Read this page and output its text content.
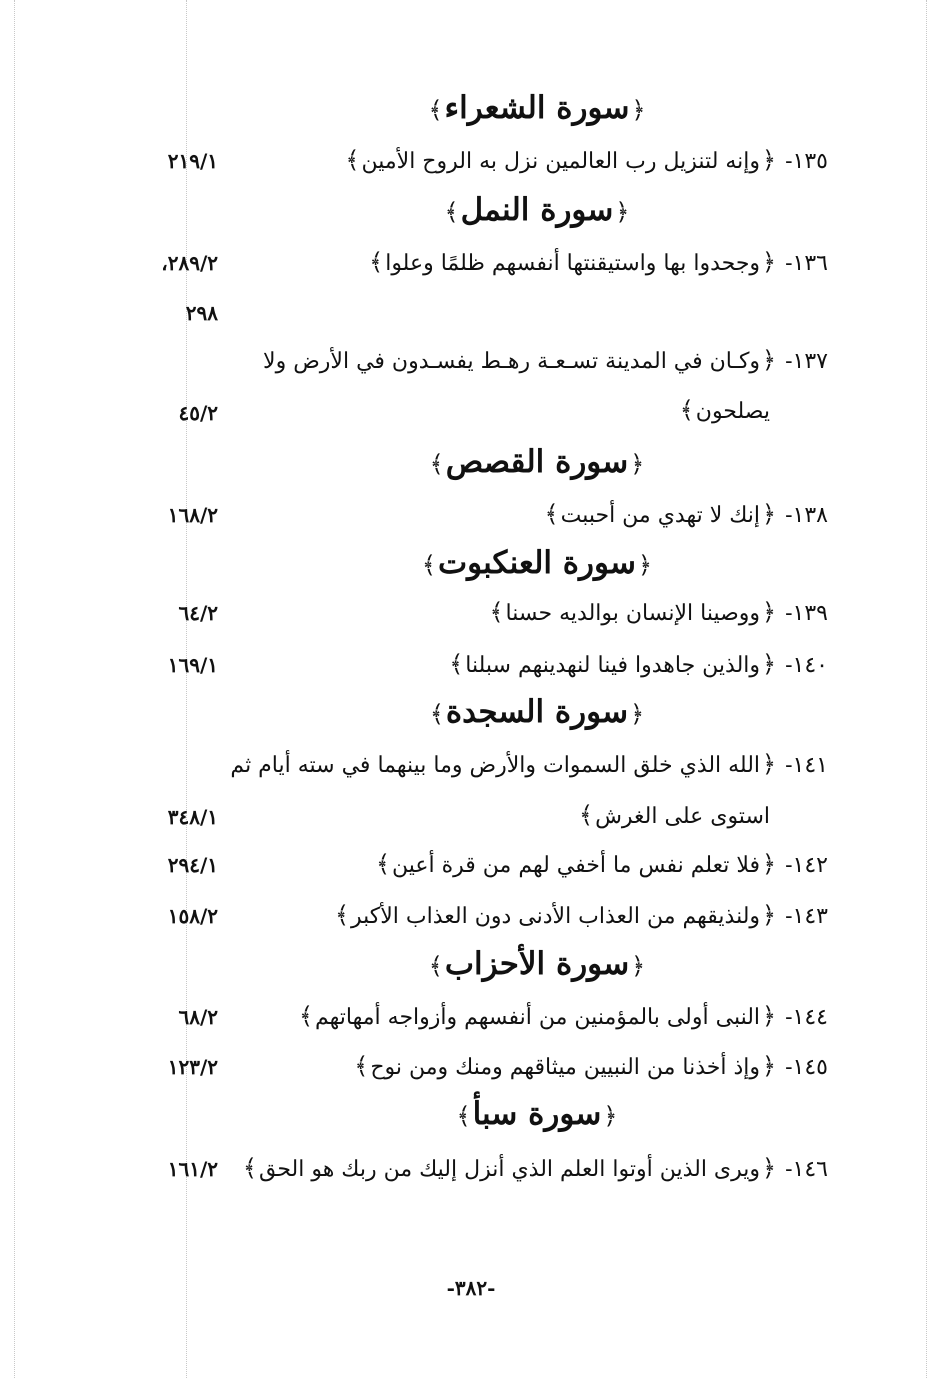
﴿سورة الشعراء﴾
١٣٥- ﴿وإنه لتنزيل رب العالمين نزل به الروح الأمين﴾
٢١٩/١
﴿سورة النمل﴾
١٣٦- ﴿وجحدوا بها واستيقنتها أنفسهم ظلمًا وعلوا﴾
٢٨٩/٢،
٢٩٨
١٣٧- ﴿وكـان في المدينة تسـعـة رهـط يفسـدون في الأرض ولا
يصلحون﴾
٤٥/٢
﴿سورة القصص﴾
١٣٨- ﴿إنك لا تهدي من أحببت﴾
١٦٨/٢
﴿سورة العنكبوت﴾
١٣٩- ﴿ووصينا الإنسان بوالديه حسنا﴾
٦٤/٢
١٤٠- ﴿والذين جاهدوا فينا لنهدينهم سبلنا﴾
١٦٩/١
﴿سورة السجدة﴾
١٤١- ﴿الله الذي خلق السموات والأرض وما بينهما في سته أيام ثم
استوى على الغرش﴾
٣٤٨/١
١٤٢- ﴿فلا تعلم نفس ما أخفي لهم من قرة أعين﴾
٢٩٤/١
١٤٣- ﴿ولنذيقهم من العذاب الأدنى دون العذاب الأكبر﴾
١٥٨/٢
﴿سورة الأحزاب﴾
١٤٤- ﴿النبى أولى بالمؤمنين من أنفسهم وأزواجه أمهاتهم﴾
٦٨/٢
١٤٥- ﴿وإذ أخذنا من النبيين ميثاقهم ومنك ومن نوح﴾
١٢٣/٢
﴿سورة سبأ﴾
١٤٦- ﴿ويرى الذين أوتوا العلم الذي أنزل إليك من ربك هو الحق﴾
١٦١/٢
-٣٨٢-
